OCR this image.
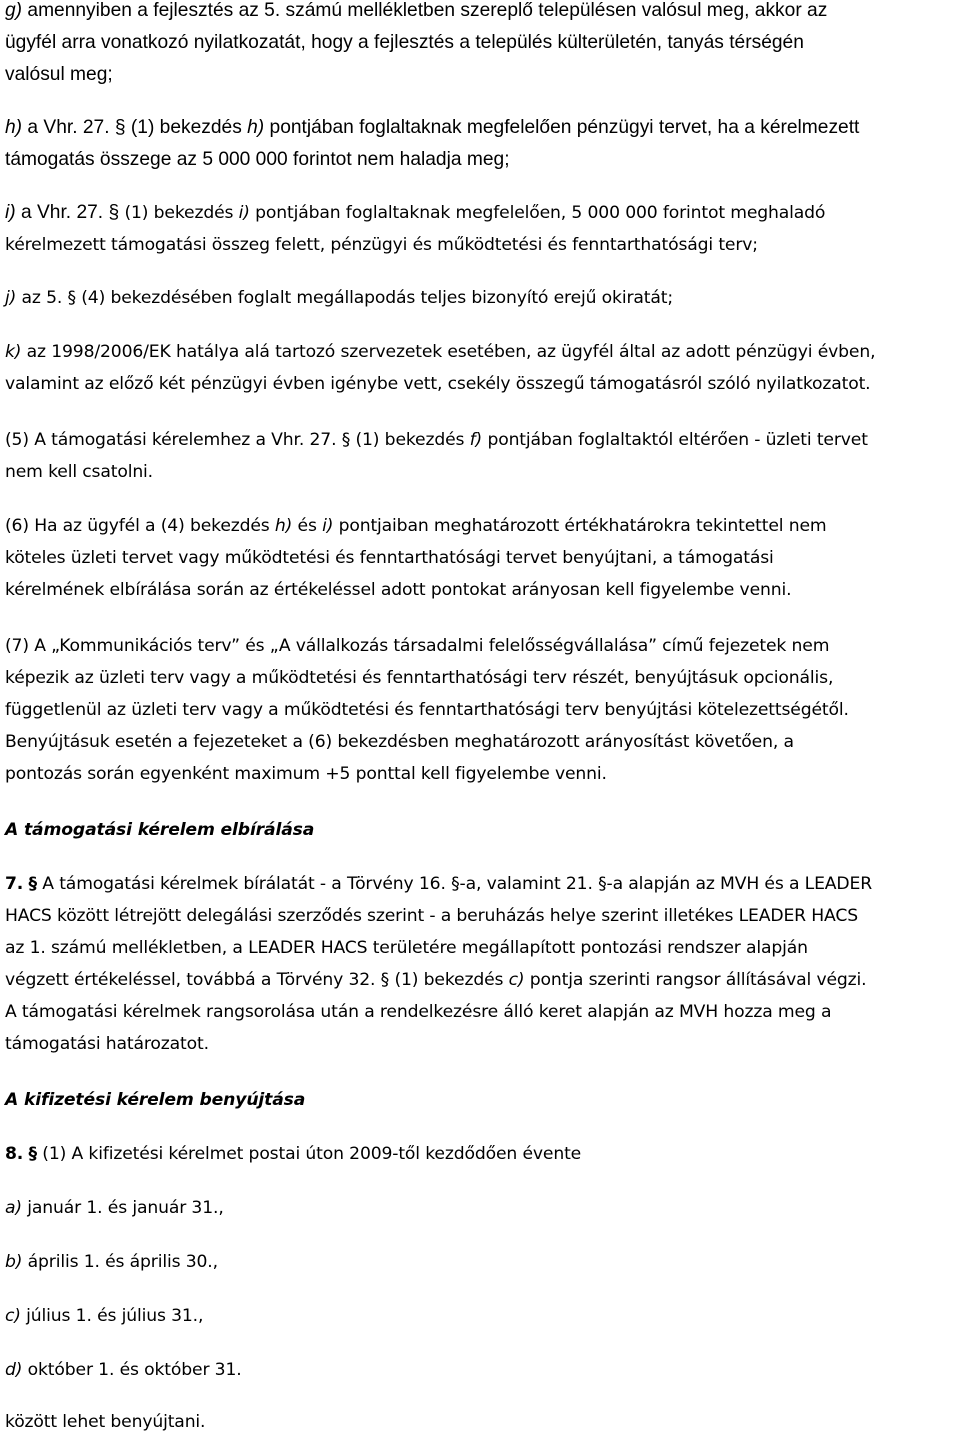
g) amennyiben a fejlesztés az 5. számú mellékletben szereplő településen valósul meg, akkor az
ügyfél arra vonatkozó nyilatkozatát, hogy a fejlesztés a település külterületén, tanyás térségén
valósul meg;
h) a Vhr. 27. § (1) bekezdés h) pontjában foglaltaknak megfelelően pénzügyi tervet, ha a kérelmezett
támogatás összege az 5 000 000 forintot nem haladja meg;
i) a Vhr. 27. § (1) bekezdés i) pontjában foglaltaknak megfelelően, 5 000 000 forintot meghaladó
kérelmezett támogatási összeg felett, pénzügyi és működtetési és fenntarthatósági terv;
j) az 5. § (4) bekezdésében foglalt megállapodás teljes bizonyító erejű okiratát;
k) az 1998/2006/EK hatálya alá tartozó szervezetek esetében, az ügyfél által az adott pénzügyi évben,
valamint az előző két pénzügyi évben igénybe vett, csekély összegű támogatásról szóló nyilatkozatot.
(5) A támogatási kérelemhez a Vhr. 27. § (1) bekezdés f) pontjában foglaltaktól eltérően - üzleti tervet
nem kell csatolni.
(6) Ha az ügyfél a (4) bekezdés h) és i) pontjaiban meghatározott értékhatárokra tekintettel nem
köteles üzleti tervet vagy működtetési és fenntarthatósági tervet benyújtani, a támogatási
kérelmének elbírálása során az értékeléssel adott pontokat arányosan kell figyelembe venni.
(7) A „Kommunikációs terv” és „A vállalkozás társadalmi felelősségvállalása” című fejezetek nem
képezik az üzleti terv vagy a működtetési és fenntarthatósági terv részét, benyújtásuk opcionális,
függetlenül az üzleti terv vagy a működtetési és fenntarthatósági terv benyújtási kötelezettségétől.
Benyújtásuk esetén a fejezeteket a (6) bekezdésben meghatározott arányosítást követően, a
pontozás során egyenként maximum +5 ponttal kell figyelembe venni.
A támogatási kérelem elbírálása
7. § A támogatási kérelmek bírálatát - a Törvény 16. §-a, valamint 21. §-a alapján az MVH és a LEADER
HACS között létrejött delegálási szerződés szerint - a beruházás helye szerint illetékes LEADER HACS
az 1. számú mellékletben, a LEADER HACS területére megállapított pontozási rendszer alapján
végzett értékeléssel, továbbá a Törvény 32. § (1) bekezdés c) pontja szerinti rangsor állításával végzi.
A támogatási kérelmek rangsorolása után a rendelkezésre álló keret alapján az MVH hozza meg a
támogatási határozatot.
A kifizetési kérelem benyújtása
8. § (1) A kifizetési kérelmet postai úton 2009-től kezdődően évente
a) január 1. és január 31.,
b) április 1. és április 30.,
c) július 1. és július 31.,
d) október 1. és október 31.
között lehet benyújtani.
